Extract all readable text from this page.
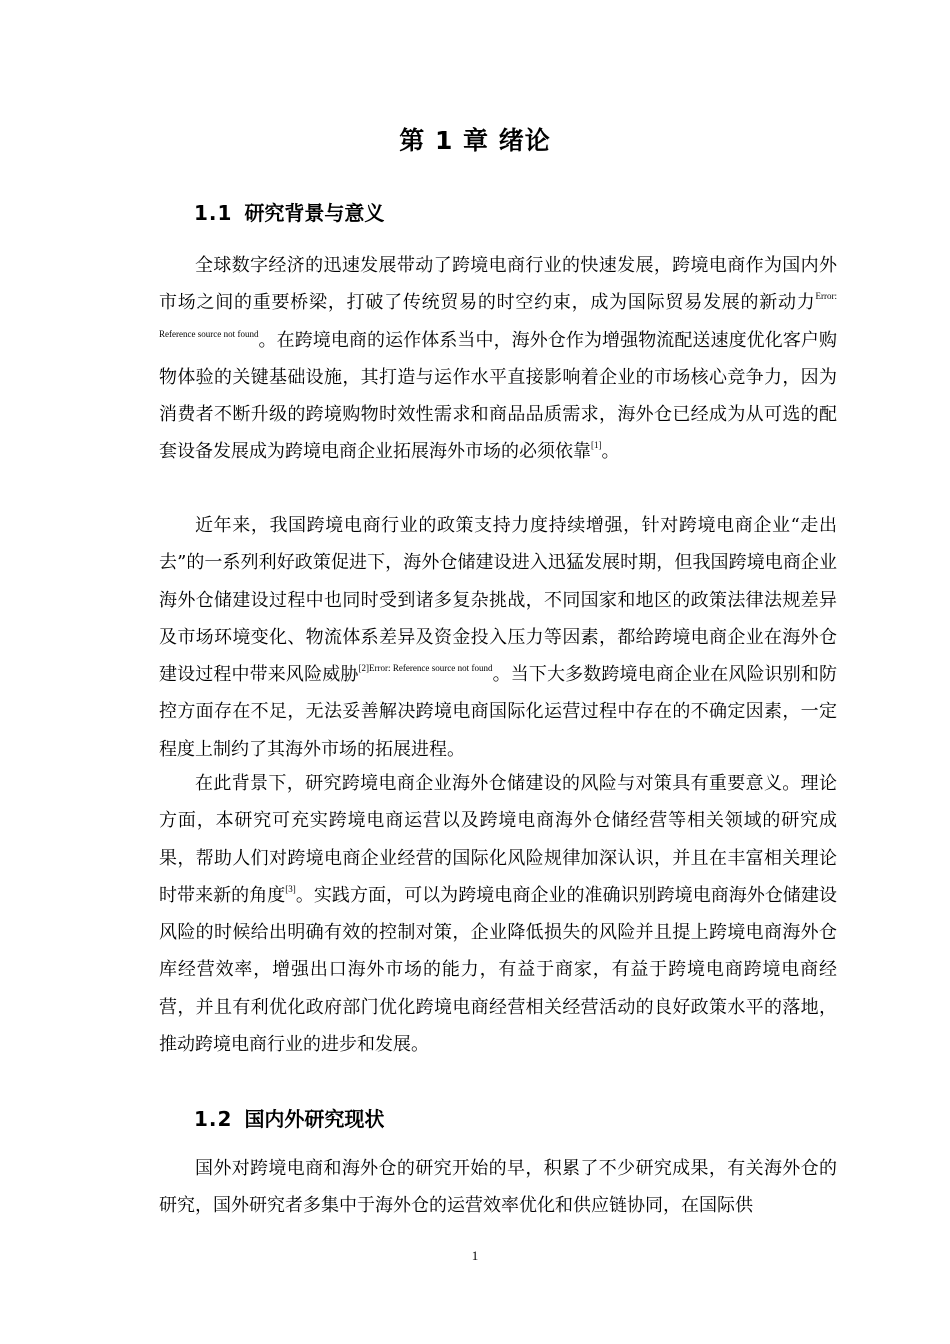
第 1 章 绪论
1.1 研究背景与意义

全球数字经济的迅速发展带动了跨境电商行业的快速发展，跨境电商作为国内外市场之间的重要桥梁，打破了传统贸易的时空约束，成为国际贸易发展的新动力$^{Error: Reference source not found}$。在跨境电商的运作体系当中，海外仓作为增强物流配送速度优化客户购物体验的关键基础设施，其打造与运作水平直接影响着企业的市场核心竞争力，因为消费者不断升级的跨境购物时效性需求和商品品质需求，海外仓已经成为从可选的配套设备发展成为跨境电商企业拓展海外市场的必须依靠[1]。

近年来，我国跨境电商行业的政策支持力度持续增强，针对跨境电商企业“走出去”的一系列利好政策促进下，海外仓储建设进入迅猛发展时期，但我国跨境电商企业海外仓储建设过程中也同时受到诸多复杂挑战，不同国家和地区的政策法律法规差异及市场环境变化、物流体系差异及资金投入压力等因素，都给跨境电商企业在海外仓建设过程中带来风险威胁$^{[2]Error: Reference source not found}$。当下大多数跨境电商企业在风险识别和防控方面存在不足，无法妥善解决跨境电商国际化运营过程中存在的不确定因素，一定程度上制约了其海外市场的拓展进程。

在此背景下，研究跨境电商企业海外仓储建设的风险与对策具有重要意义。理论方面，本研究可充实跨境电商运营以及跨境电商海外仓储经营等相关领域的研究成果，帮助人们对跨境电商企业经营的国际化风险规律加深认识，并且在丰富相关理论时带来新的角度[3]。实践方面，可以为跨境电商企业的准确识别跨境电商海外仓储建设风险的时候给出明确有效的控制对策，企业降低损失的风险并且提上跨境电商海外仓库经营效率，增强出口海外市场的能力，有益于商家，有益于跨境电商跨境电商经营，并且有利优化政府部门优化跨境电商经营相关经营活动的良好政策水平的落地，推动跨境电商行业的进步和发展。

1.2 国内外研究现状

国外对跨境电商和海外仓的研究开始的早，积累了不少研究成果，有关海外仓的研究，国外研究者多集中于海外仓的运营效率优化和供应链协同，在国际供

1
